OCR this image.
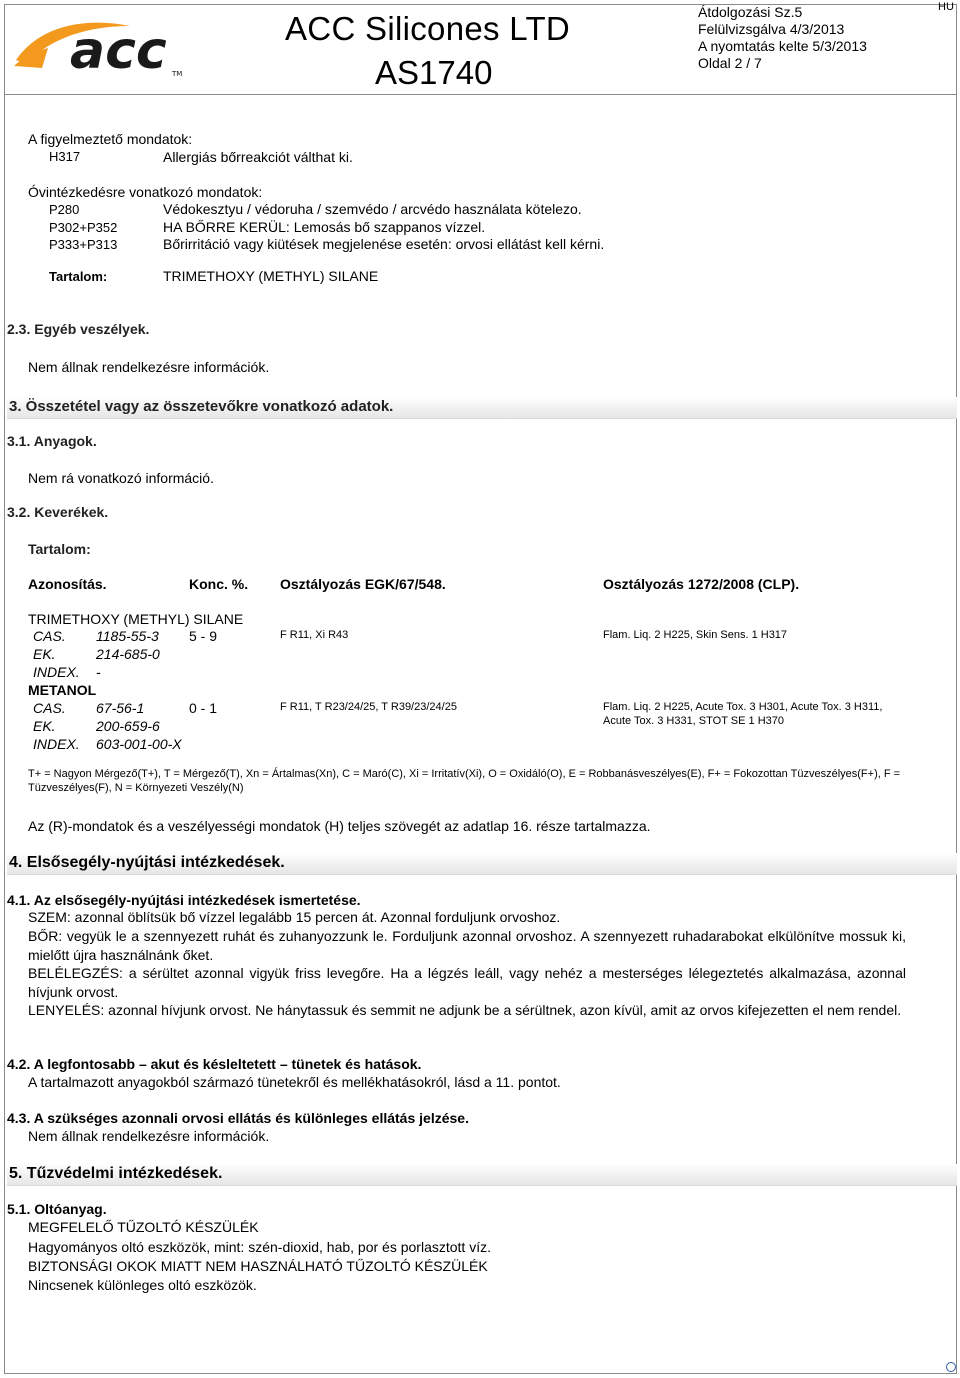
acc TM
ACC Silicones LTD
AS1740
Átdolgozási Sz.5
Felülvizsgálva 4/3/2013
A nyomtatás kelte 5/3/2013
Oldal 2 / 7
HU
A figyelmeztető mondatok:
H317	Allergiás bőrreakciót válthat ki.
Óvintézkedésre vonatkozó mondatok:
P280	Védokesztyu / védoruha / szemvédo / arcvédo használata kötelezo.
P302+P352	HA BŐRRE KERÜL: Lemosás bő szappanos vízzel.
P333+P313	Bőrirritáció vagy kiütések megjelenése esetén: orvosi ellátást kell kérni.
Tartalom:	TRIMETHOXY (METHYL) SILANE
2.3. Egyéb veszélyek.
Nem állnak rendelkezésre információk.
3. Összetétel vagy az összetevőkre vonatkozó adatok.
3.1. Anyagok.
Nem rá vonatkozó információ.
3.2. Keverékek.
Tartalom:
Azonosítás.	Konc. %. Osztályozás EGK/67/548.	Osztályozás 1272/2008 (CLP).
TRIMETHOXY (METHYL) SILANE
CAS. 1185-55-3 5 - 9	F R11, Xi R43	Flam. Liq. 2 H225, Skin Sens. 1 H317
EK.	214-685-0
INDEX. -
METANOL
CAS. 67-56-1	0 - 1	F R11, T R23/24/25, T R39/23/24/25	Flam. Liq. 2 H225, Acute Tox. 3 H301, Acute Tox. 3 H311,
Acute Tox. 3 H331, STOT SE 1 H370
EK.	200-659-6
INDEX. 603-001-00-X
T+ = Nagyon Mérgező(T+), T = Mérgező(T), Xn = Ártalmas(Xn), C = Maró(C), Xi = Irritatív(Xi), O = Oxidáló(O), E = Robbanásveszélyes(E), F+ = Fokozottan Tüzveszélyes(F+), F =
Tüzveszélyes(F), N = Környezeti Veszély(N)
Az (R)-mondatok és a veszélyességi mondatok (H) teljes szövegét az adatlap 16. része tartalmazza.
4. Elsősegély-nyújtási intézkedések.
4.1. Az elsősegély-nyújtási intézkedések ismertetése.
SZEM: azonnal öblítsük bő vízzel legalább 15 percen át. Azonnal forduljunk orvoshoz.
BŐR: vegyük le a szennyezett ruhát és zuhanyozzunk le. Forduljunk azonnal orvoshoz. A szennyezett ruhadarabokat elkülönítve mossuk ki, mielőtt újra használnánk őket.
BELÉLEGZÉS: a sérültet azonnal vigyük friss levegőre. Ha a légzés leáll, vagy nehéz a mesterséges lélegeztetés alkalmazása, azonnal hívjunk orvost.
LENYELÉS: azonnal hívjunk orvost. Ne hánytassuk és semmit ne adjunk be a sérültnek, azon kívül, amit az orvos kifejezetten el nem rendel.
4.2. A legfontosabb – akut és késleltetett – tünetek és hatások.
A tartalmazott anyagokból származó tünetekről és mellékhatásokról, lásd a 11. pontot.
4.3. A szükséges azonnali orvosi ellátás és különleges ellátás jelzése.
Nem állnak rendelkezésre információk.
5. Tűzvédelmi intézkedések.
5.1. Oltóanyag.
MEGFELELŐ TŰZOLTÓ KÉSZÜLÉK
Hagyományos oltó eszközök, mint: szén-dioxid, hab, por és porlasztott víz.
BIZTONSÁGI OKOK MIATT NEM HASZNÁLHATÓ TŰZOLTÓ KÉSZÜLÉK
Nincsenek különleges oltó eszközök.
